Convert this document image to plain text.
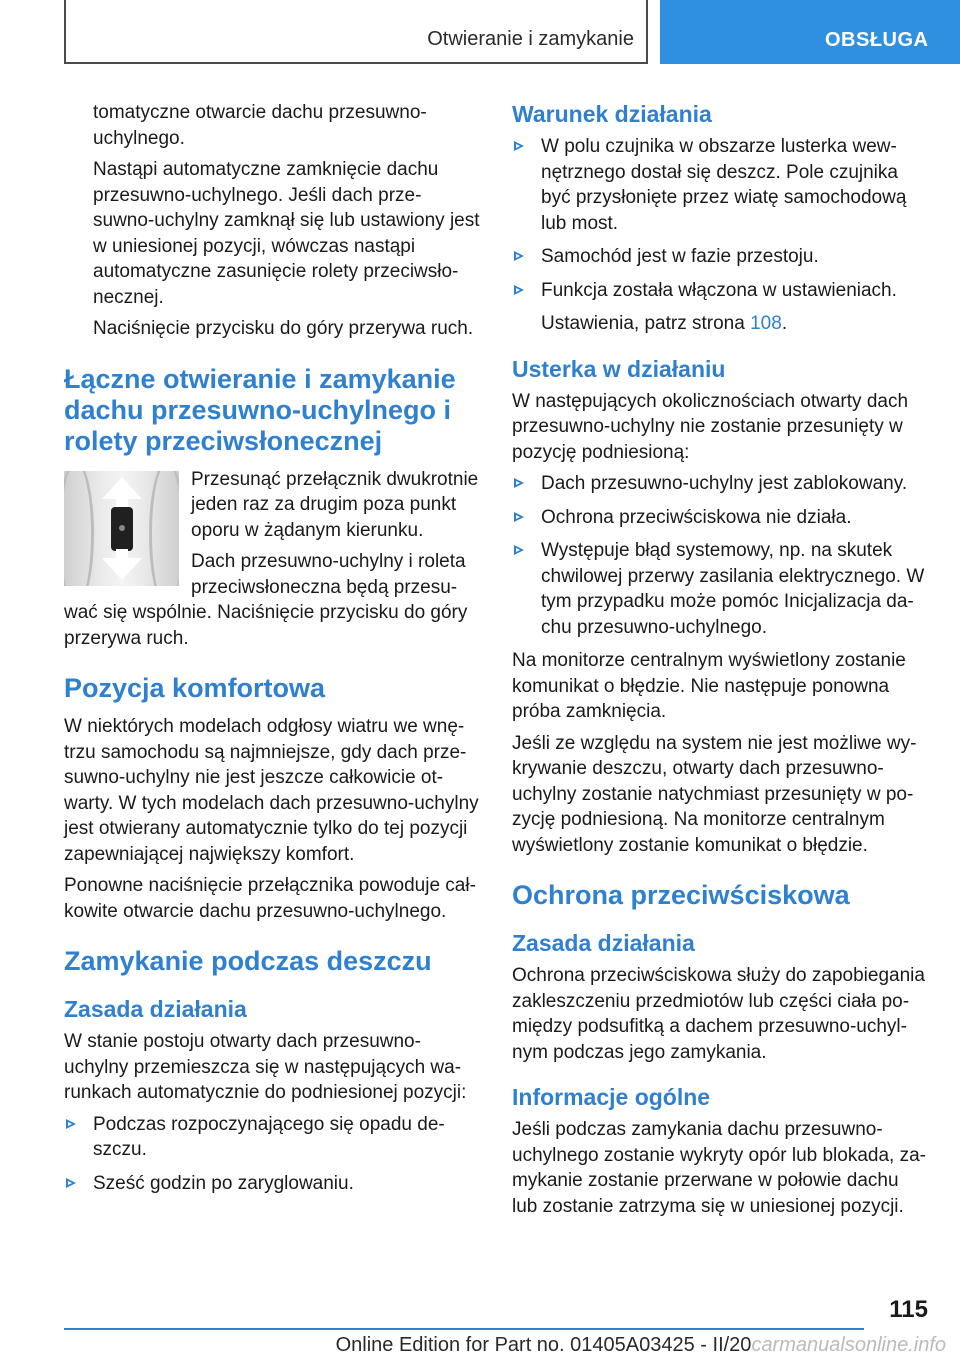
Otwieranie i zamykanie	OBSŁUGA

tomatyczne otwarcie dachu przesuwno-uchylnego.

Nastąpi automatyczne zamknięcie dachu przesuwno-uchylnego. Jeśli dach prze-suwno-uchylny zamknął się lub ustawiony jest w uniesionej pozycji, wówczas nastąpi automatyczne zasunięcie rolety przeciwsło-necznej.

Naciśnięcie przycisku do góry przerywa ruch.

Łączne otwieranie i zamykanie dachu przesuwno-uchylnego i rolety przeciwsłonecznej

Przesunąć przełącznik dwukrotnie jeden raz za drugim poza punkt oporu w żądanym kierunku.

Dach przesuwno-uchylny i roleta przeciwsłoneczna będą przesu-wać się wspólnie. Naciśnięcie przycisku do góry przerywa ruch.

Pozycja komfortowa

W niektórych modelach odgłosy wiatru we wnę-trzu samochodu są najmniejsze, gdy dach prze-suwno-uchylny nie jest jeszcze całkowicie ot-warty. W tych modelach dach przesuwno-uchylny jest otwierany automatycznie tylko do tej pozycji zapewniającej największy komfort.

Ponowne naciśnięcie przełącznika powoduje cał-kowite otwarcie dachu przesuwno-uchylnego.

Zamykanie podczas deszczu
Zasada działania

W stanie postoju otwarty dach przesuwno-uchylny przemieszcza się w następujących wa-runkach automatycznie do podniesionej pozycji:

Podczas rozpoczynającego się opadu de-szczu.
Sześć godzin po zaryglowaniu.
Warunek działania
W polu czujnika w obszarze lusterka wew-nętrznego dostał się deszcz. Pole czujnika być przysłonięte przez wiatę samochodową lub most.
Samochód jest w fazie przestoju.
Funkcja została włączona w ustawieniach.

Ustawienia, patrz strona 108.

Usterka w działaniu

W następujących okolicznościach otwarty dach przesuwno-uchylny nie zostanie przesunięty w pozycję podniesioną:

Dach przesuwno-uchylny jest zablokowany.
Ochrona przeciwściskowa nie działa.
Występuje błąd systemowy, np. na skutek chwilowej przerwy zasilania elektrycznego. W tym przypadku może pomóc Inicjalizacja da-chu przesuwno-uchylnego.

Na monitorze centralnym wyświetlony zostanie komunikat o błędzie. Nie następuje ponowna próba zamknięcia.

Jeśli ze względu na system nie jest możliwe wy-krywanie deszczu, otwarty dach przesuwno-uchylny zostanie natychmiast przesunięty w po-zycję podniesioną. Na monitorze centralnym wyświetlony zostanie komunikat o błędzie.

Ochrona przeciwściskowa
Zasada działania

Ochrona przeciwściskowa służy do zapobiegania zakleszczeniu przedmiotów lub części ciała po-między podsufitką a dachem przesuwno-uchyl-nym podczas jego zamykania.

Informacje ogólne

Jeśli podczas zamykania dachu przesuwno-uchylnego zostanie wykryty opór lub blokada, za-mykanie zostanie przerwane w połowie dachu lub zostanie zatrzyma się w uniesionej pozycji.

115
Online Edition for Part no. 01405A03425 - II/20carmanualsonline.info
